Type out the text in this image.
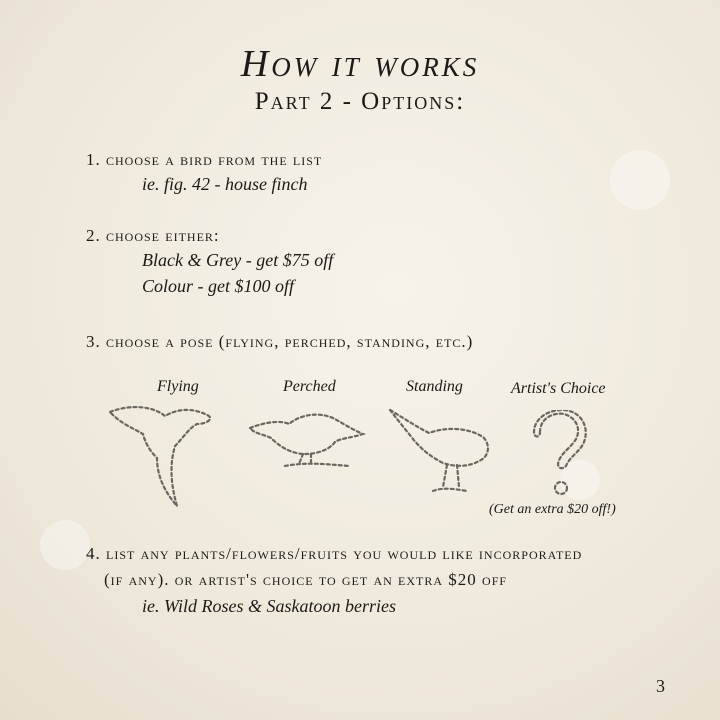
How it works
Part 2 - Options:
1. choose a bird from the list
ie. fig. 42 - house finch
2. choose either:
Black & Grey - get $75 off
Colour - get $100 off
3. choose a pose (flying, perched, standing, etc.)
Flying	Perched	Standing	Artist's Choice
(Get an extra $20 off!)
4. list any plants/flowers/fruits you would like incorporated
(if any). or artist's choice to get an extra $20 off
ie. Wild Roses & Saskatoon berries
3
